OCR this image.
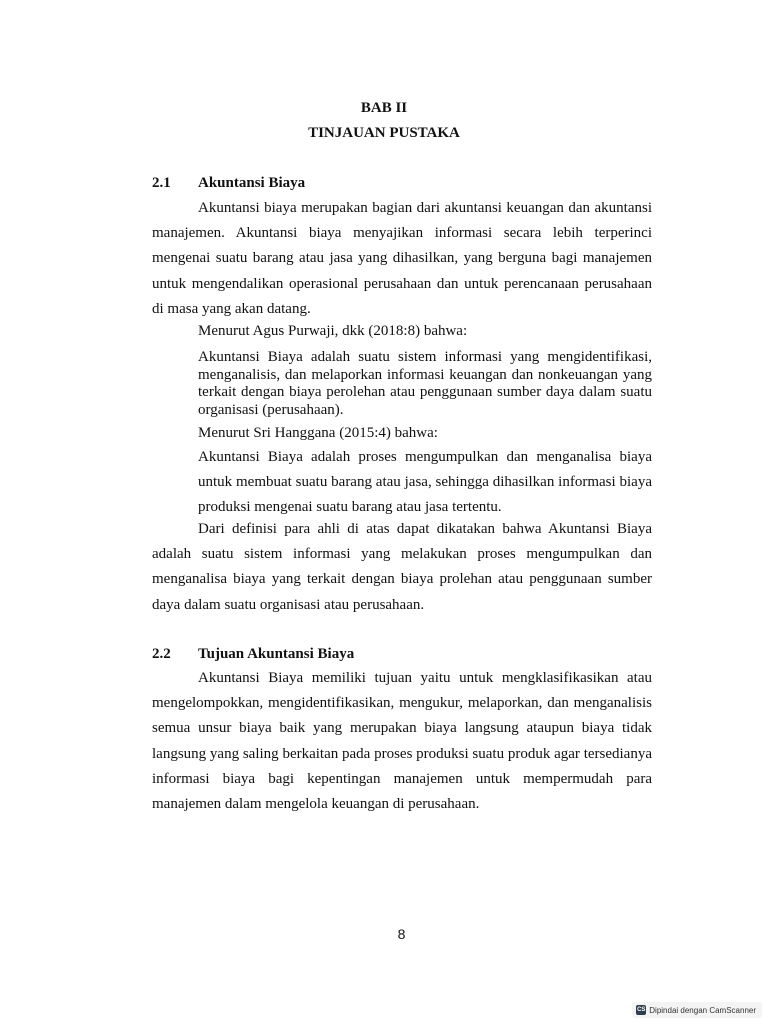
BAB II
TINJAUAN PUSTAKA
2.1 Akuntansi Biaya

Akuntansi biaya merupakan bagian dari akuntansi keuangan dan akuntansi manajemen. Akuntansi biaya menyajikan informasi secara lebih terperinci mengenai suatu barang atau jasa yang dihasilkan, yang berguna bagi manajemen untuk mengendalikan operasional perusahaan dan untuk perencanaan perusahaan di masa yang akan datang.

Menurut Agus Purwaji, dkk (2018:8) bahwa:

Akuntansi Biaya adalah suatu sistem informasi yang mengidentifikasi, menganalisis, dan melaporkan informasi keuangan dan nonkeuangan yang terkait dengan biaya perolehan atau penggunaan sumber daya dalam suatu organisasi (perusahaan).

Menurut Sri Hanggana (2015:4) bahwa:

Akuntansi Biaya adalah proses mengumpulkan dan menganalisa biaya untuk membuat suatu barang atau jasa, sehingga dihasilkan informasi biaya produksi mengenai suatu barang atau jasa tertentu.

Dari definisi para ahli di atas dapat dikatakan bahwa Akuntansi Biaya adalah suatu sistem informasi yang melakukan proses mengumpulkan dan menganalisa biaya yang terkait dengan biaya prolehan atau penggunaan sumber daya dalam suatu organisasi atau perusahaan.

2.2 Tujuan Akuntansi Biaya

Akuntansi Biaya memiliki tujuan yaitu untuk mengklasifikasikan atau mengelompokkan, mengidentifikasikan, mengukur, melaporkan, dan menganalisis semua unsur biaya baik yang merupakan biaya langsung ataupun biaya tidak langsung yang saling berkaitan pada proses produksi suatu produk agar tersedianya informasi biaya bagi kepentingan manajemen untuk mempermudah para manajemen dalam mengelola keuangan di perusahaan.

8
CS Dipindai dengan CamScanner
